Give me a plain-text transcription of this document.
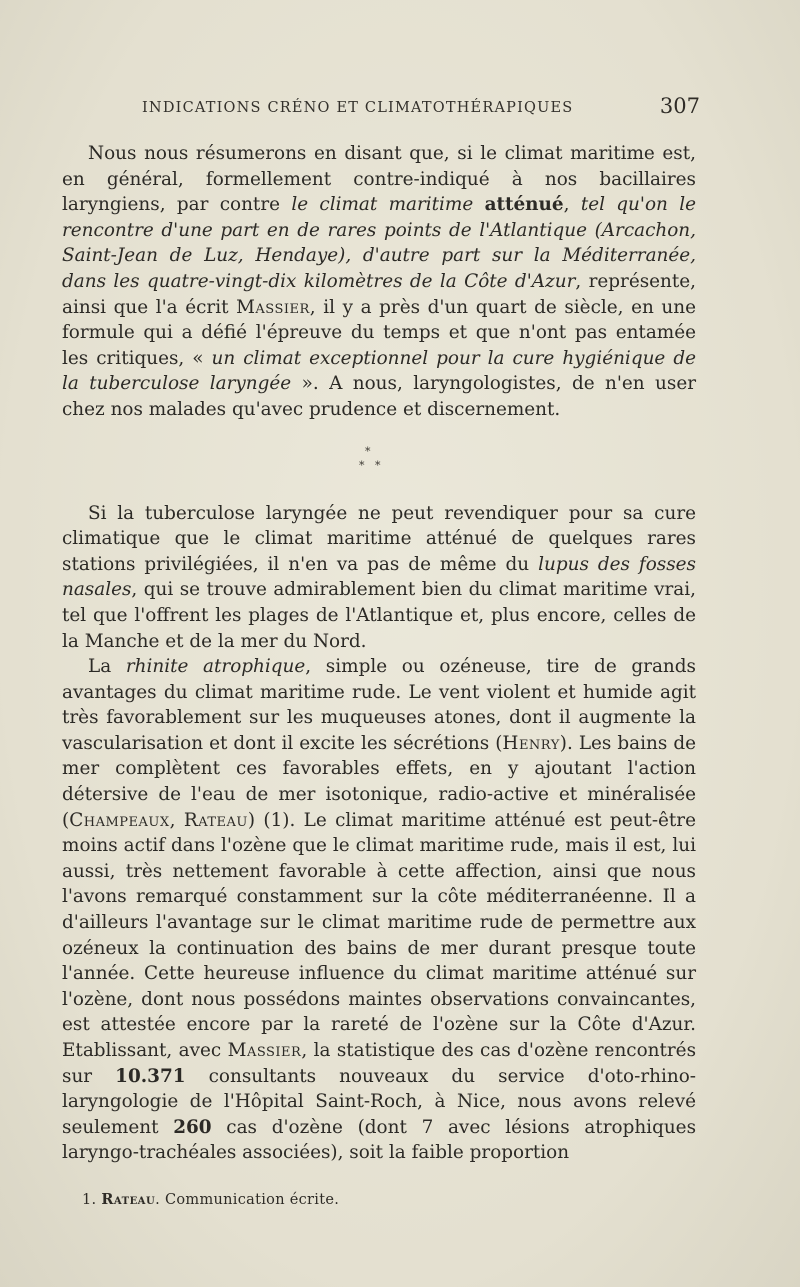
INDICATIONS CRÉNO ET CLIMATOTHÉRAPIQUES	307

Nous nous résumerons en disant que, si le climat maritime est, en général, formellement contre-indiqué à nos bacillaires laryngiens, par contre le climat maritime atténué, tel qu'on le rencontre d'une part en de rares points de l'Atlantique (Arcachon, Saint-Jean de Luz, Hendaye), d'autre part sur la Méditerranée, dans les quatre-vingt-dix kilomètres de la Côte d'Azur, représente, ainsi que l'a écrit Massier, il y a près d'un quart de siècle, en une formule qui a défié l'épreuve du temps et que n'ont pas entamée les critiques, « un climat exceptionnel pour la cure hygiénique de la tuberculose laryngée ». A nous, laryngologistes, de n'en user chez nos malades qu'avec prudence et discernement.

*
* *

Si la tuberculose laryngée ne peut revendiquer pour sa cure climatique que le climat maritime atténué de quelques rares stations privilégiées, il n'en va pas de même du lupus des fosses nasales, qui se trouve admirablement bien du climat maritime vrai, tel que l'offrent les plages de l'Atlantique et, plus encore, celles de la Manche et de la mer du Nord.

La rhinite atrophique, simple ou ozéneuse, tire de grands avantages du climat maritime rude. Le vent violent et humide agit très favorablement sur les muqueuses atones, dont il augmente la vascularisation et dont il excite les sécrétions (Henry). Les bains de mer complètent ces favorables effets, en y ajoutant l'action détersive de l'eau de mer isotonique, radio-active et minéralisée (Champeaux, Rateau) (1). Le climat maritime atténué est peut-être moins actif dans l'ozène que le climat maritime rude, mais il est, lui aussi, très nettement favorable à cette affection, ainsi que nous l'avons remarqué constamment sur la côte méditerranéenne. Il a d'ailleurs l'avantage sur le climat maritime rude de permettre aux ozéneux la continuation des bains de mer durant presque toute l'année. Cette heureuse influence du climat maritime atténué sur l'ozène, dont nous possédons maintes observations convaincantes, est attestée encore par la rareté de l'ozène sur la Côte d'Azur. Etablissant, avec Massier, la statistique des cas d'ozène rencontrés sur 10.371 consultants nouveaux du service d'oto-rhino-laryngologie de l'Hôpital Saint-Roch, à Nice, nous avons relevé seulement 260 cas d'ozène (dont 7 avec lésions atrophiques laryngo-trachéales associées), soit la faible proportion

1. Rateau. Communication écrite.
